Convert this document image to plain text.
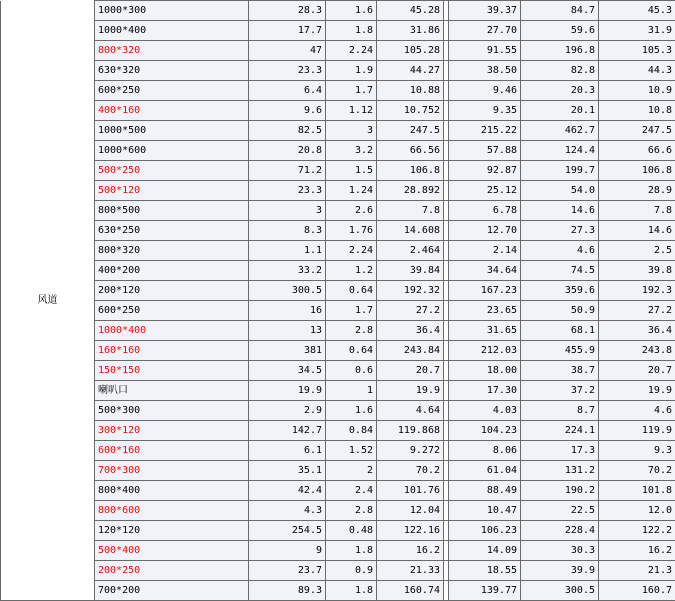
风道	1000*300	28.3	1.6	45.28		39.37	84.7	45.3
	1000*400	17.7	1.8	31.86		27.70	59.6	31.9
	800*320	47	2.24	105.28		91.55	196.8	105.3
	630*320	23.3	1.9	44.27		38.50	82.8	44.3
	600*250	6.4	1.7	10.88		9.46	20.3	10.9
	400*160	9.6	1.12	10.752		9.35	20.1	10.8
	1000*500	82.5	3	247.5		215.22	462.7	247.5
	1000*600	20.8	3.2	66.56		57.88	124.4	66.6
	500*250	71.2	1.5	106.8		92.87	199.7	106.8
	500*120	23.3	1.24	28.892		25.12	54.0	28.9
	800*500	3	2.6	7.8		6.78	14.6	7.8
	630*250	8.3	1.76	14.608		12.70	27.3	14.6
	800*320	1.1	2.24	2.464		2.14	4.6	2.5
	400*200	33.2	1.2	39.84		34.64	74.5	39.8
	200*120	300.5	0.64	192.32		167.23	359.6	192.3
	600*250	16	1.7	27.2		23.65	50.9	27.2
	1000*400	13	2.8	36.4		31.65	68.1	36.4
	160*160	381	0.64	243.84		212.03	455.9	243.8
	150*150	34.5	0.6	20.7		18.00	38.7	20.7
	喇叭口	19.9	1	19.9		17.30	37.2	19.9
	500*300	2.9	1.6	4.64		4.03	8.7	4.6
	300*120	142.7	0.84	119.868		104.23	224.1	119.9
	600*160	6.1	1.52	9.272		8.06	17.3	9.3
	700*300	35.1	2	70.2		61.04	131.2	70.2
	800*400	42.4	2.4	101.76		88.49	190.2	101.8
	800*600	4.3	2.8	12.04		10.47	22.5	12.0
	120*120	254.5	0.48	122.16		106.23	228.4	122.2
	500*400	9	1.8	16.2		14.09	30.3	16.2
	200*250	23.7	0.9	21.33		18.55	39.9	21.3
	700*200	89.3	1.8	160.74		139.77	300.5	160.7
